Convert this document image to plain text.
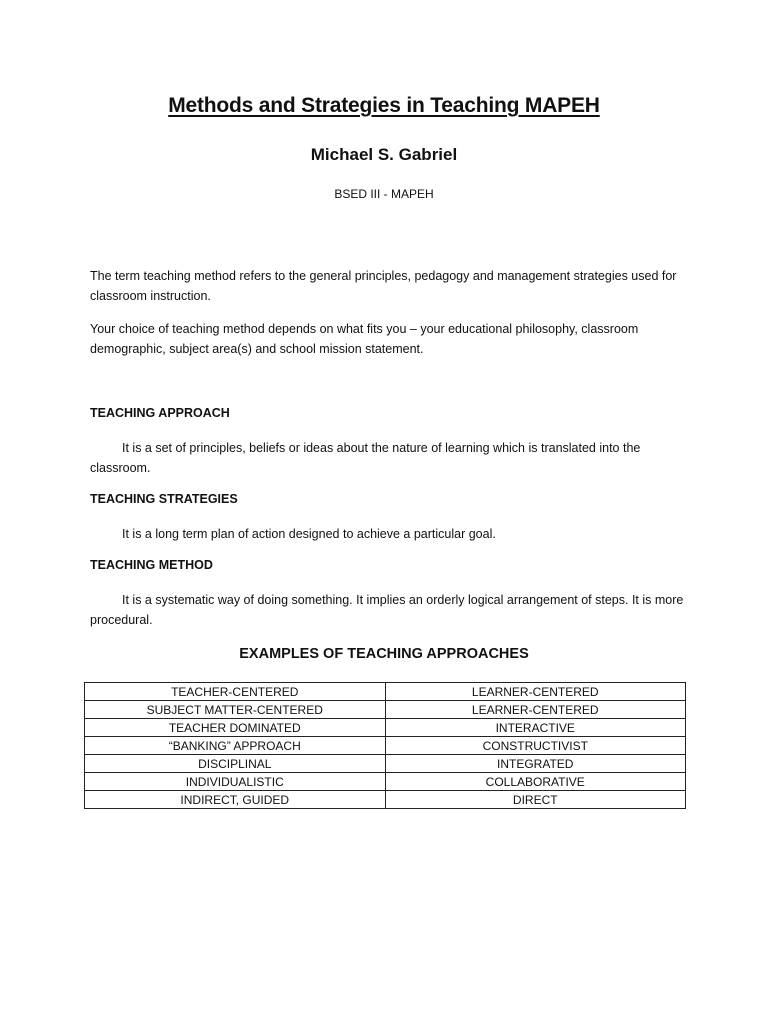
Methods and Strategies in Teaching MAPEH
Michael S. Gabriel
BSED III - MAPEH
The term teaching method refers to the general principles, pedagogy and management strategies used for classroom instruction.
Your choice of teaching method depends on what fits you – your educational philosophy, classroom demographic, subject area(s) and school mission statement.
TEACHING APPROACH
It is a set of principles, beliefs or ideas about the nature of learning which is translated into the classroom.
TEACHING STRATEGIES
It is a long term plan of action designed to achieve a particular goal.
TEACHING METHOD
It is a systematic way of doing something. It implies an orderly logical arrangement of steps. It is more procedural.
EXAMPLES OF TEACHING APPROACHES
TEACHER-CENTERED	LEARNER-CENTERED
SUBJECT MATTER-CENTERED	LEARNER-CENTERED
TEACHER DOMINATED	INTERACTIVE
“BANKING” APPROACH	CONSTRUCTIVIST
DISCIPLINAL	INTEGRATED
INDIVIDUALISTIC	COLLABORATIVE
INDIRECT, GUIDED	DIRECT
